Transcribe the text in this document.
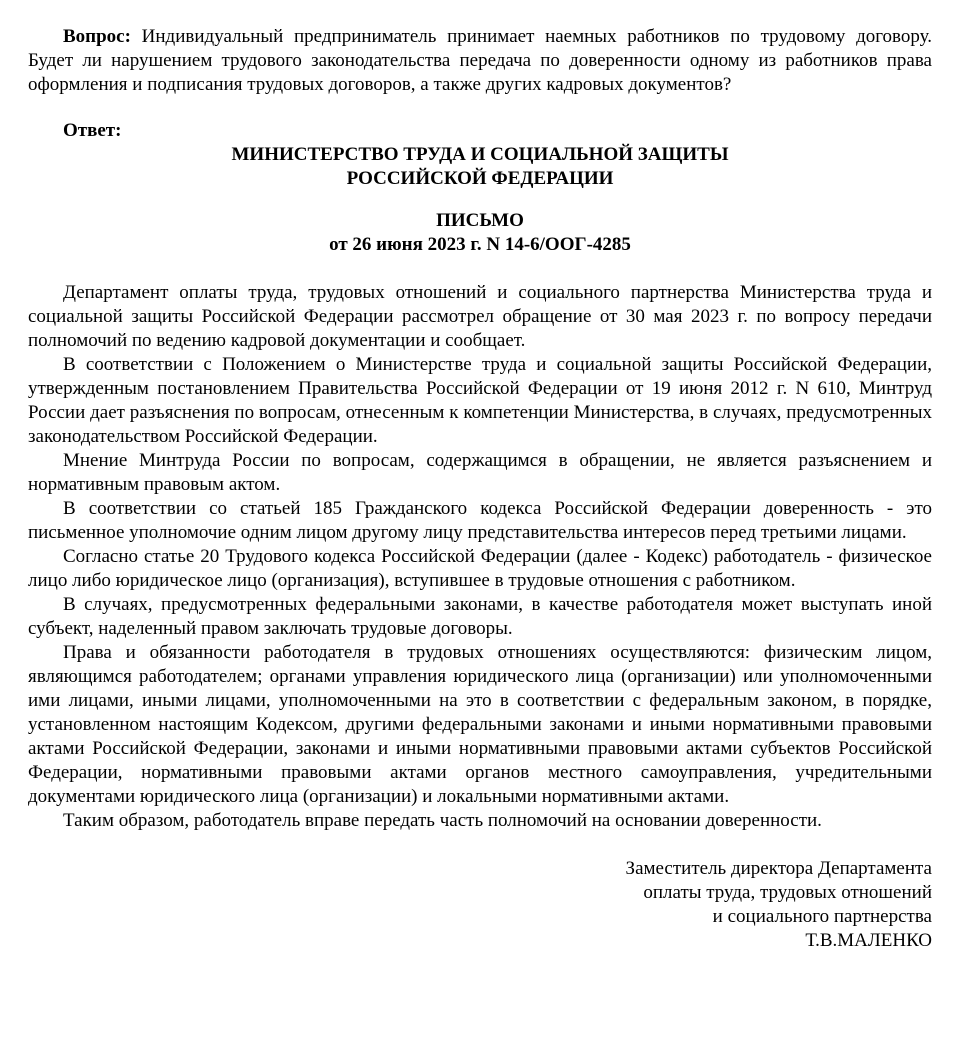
Вопрос: Индивидуальный предприниматель принимает наемных работников по трудовому договору. Будет ли нарушением трудового законодательства передача по доверенности одному из работников права оформления и подписания трудовых договоров, а также других кадровых документов?

Ответ:

МИНИСТЕРСТВО ТРУДА И СОЦИАЛЬНОЙ ЗАЩИТЫ
РОССИЙСКОЙ ФЕДЕРАЦИИ
ПИСЬМО
от 26 июня 2023 г. N 14-6/ООГ-4285

Департамент оплаты труда, трудовых отношений и социального партнерства Министерства труда и социальной защиты Российской Федерации рассмотрел обращение от 30 мая 2023 г. по вопросу передачи полномочий по ведению кадровой документации и сообщает.

В соответствии с Положением о Министерстве труда и социальной защиты Российской Федерации, утвержденным постановлением Правительства Российской Федерации от 19 июня 2012 г. N 610, Минтруд России дает разъяснения по вопросам, отнесенным к компетенции Министерства, в случаях, предусмотренных законодательством Российской Федерации.

Мнение Минтруда России по вопросам, содержащимся в обращении, не является разъяснением и нормативным правовым актом.

В соответствии со статьей 185 Гражданского кодекса Российской Федерации доверенность - это письменное уполномочие одним лицом другому лицу представительства интересов перед третьими лицами.

Согласно статье 20 Трудового кодекса Российской Федерации (далее - Кодекс) работодатель - физическое лицо либо юридическое лицо (организация), вступившее в трудовые отношения с работником.

В случаях, предусмотренных федеральными законами, в качестве работодателя может выступать иной субъект, наделенный правом заключать трудовые договоры.

Права и обязанности работодателя в трудовых отношениях осуществляются: физическим лицом, являющимся работодателем; органами управления юридического лица (организации) или уполномоченными ими лицами, иными лицами, уполномоченными на это в соответствии с федеральным законом, в порядке, установленном настоящим Кодексом, другими федеральными законами и иными нормативными правовыми актами Российской Федерации, законами и иными нормативными правовыми актами субъектов Российской Федерации, нормативными правовыми актами органов местного самоуправления, учредительными документами юридического лица (организации) и локальными нормативными актами.

Таким образом, работодатель вправе передать часть полномочий на основании доверенности.

Заместитель директора Департамента
оплаты труда, трудовых отношений
и социального партнерства
Т.В.МАЛЕНКО
